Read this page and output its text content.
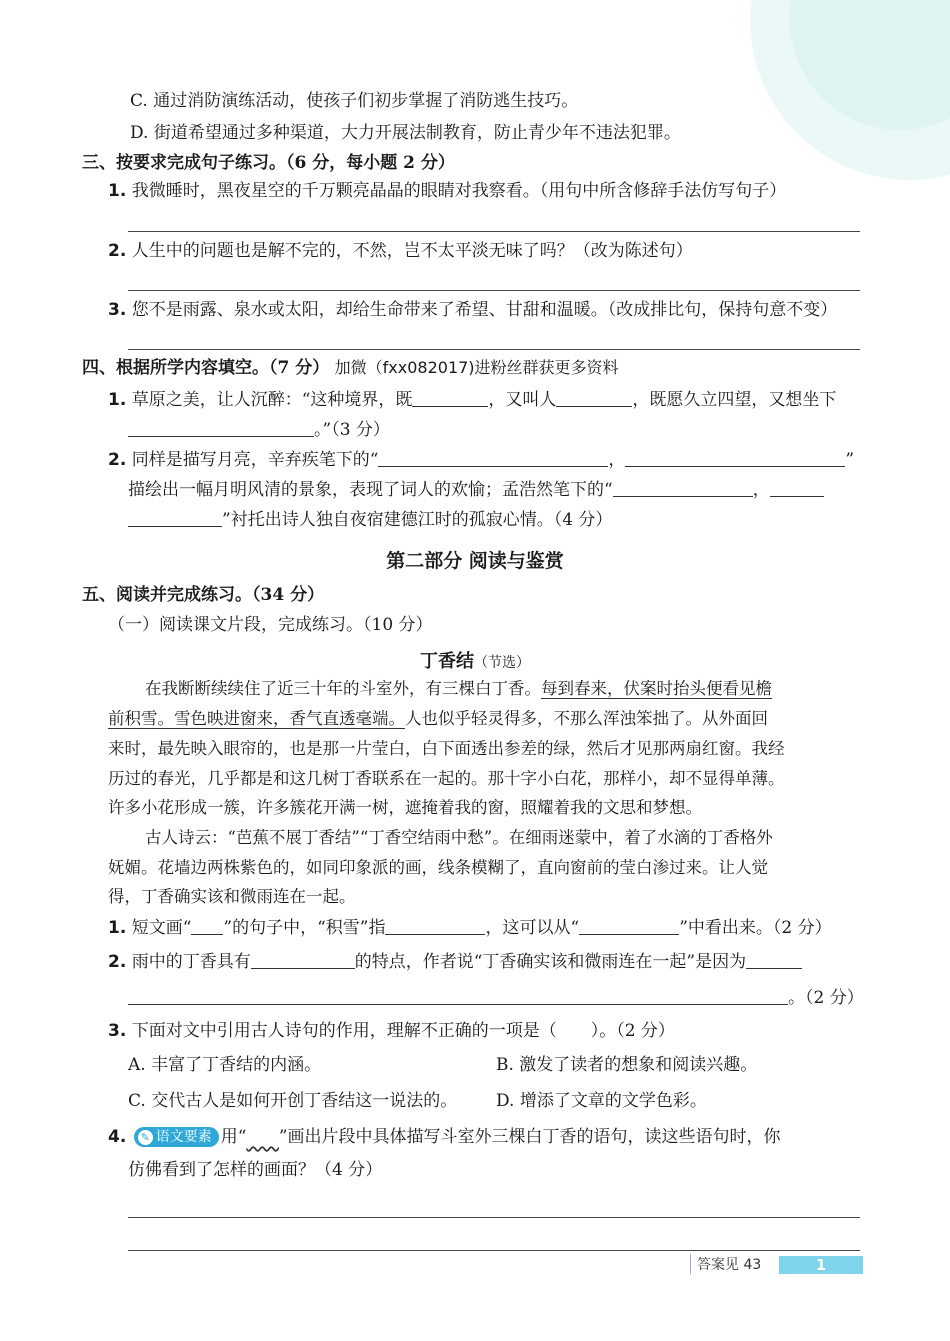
C. 通过消防演练活动，使孩子们初步掌握了消防逃生技巧。
D. 街道希望通过多种渠道，大力开展法制教育，防止青少年不违法犯罪。
三、按要求完成句子练习。（6 分，每小题 2 分）
1. 我微睡时，黑夜星空的千万颗亮晶晶的眼睛对我察看。（用句中所含修辞手法仿写句子）
2. 人生中的问题也是解不完的，不然，岂不太平淡无味了吗？（改为陈述句）
3. 您不是雨露、泉水或太阳，却给生命带来了希望、甘甜和温暖。（改成排比句，保持句意不变）
四、根据所学内容填空。（7 分） 加微（fxx082017)进粉丝群获更多资料
1. 草原之美，让人沉醉：“这种境界，既	，又叫人	，既愿久立四望，又想坐下
。”（3 分）
2. 同样是描写月亮，辛弃疾笔下的“	，	”
描绘出一幅月明风清的景象，表现了词人的欢愉；孟浩然笔下的“	，
”衬托出诗人独自夜宿建德江时的孤寂心情。（4 分）
第二部分 阅读与鉴赏
五、阅读并完成练习。（34 分）
（一）阅读课文片段，完成练习。（10 分）
丁香结（节选）
在我断断续续住了近三十年的斗室外，有三棵白丁香。每到春来，伏案时抬头便看见檐
前积雪。雪色映进窗来，香气直透毫端。人也似乎轻灵得多，不那么浑浊笨拙了。从外面回
来时，最先映入眼帘的，也是那一片莹白，白下面透出参差的绿，然后才见那两扇红窗。我经
历过的春光，几乎都是和这几树丁香联系在一起的。那十字小白花，那样小，却不显得单薄。
许多小花形成一簇，许多簇花开满一树，遮掩着我的窗，照耀着我的文思和梦想。
古人诗云：“芭蕉不展丁香结”“丁香空结雨中愁”。在细雨迷蒙中，着了水滴的丁香格外
妩媚。花墙边两株紫色的，如同印象派的画，线条模糊了，直向窗前的莹白渗过来。让人觉
得，丁香确实该和微雨连在一起。
1. 短文画“ ”的句子中，“积雪”指	，这可以从“	”中看出来。（2 分）
2. 雨中的丁香具有	的特点，作者说“丁香确实该和微雨连在一起”是因为
。（2 分）
3. 下面对文中引用古人诗句的作用，理解不正确的一项是（　　）。（2 分）
A. 丰富了丁香结的内涵。	B. 激发了读者的想象和阅读兴趣。
C. 交代古人是如何开创丁香结这一说法的。 D. 增添了文章的文学色彩。
4. ✎ 语文要素 用“ ”画出片段中具体描写斗室外三棵白丁香的语句，读这些语句时，你
仿佛看到了怎样的画面？（4 分）
答案见 43	1
